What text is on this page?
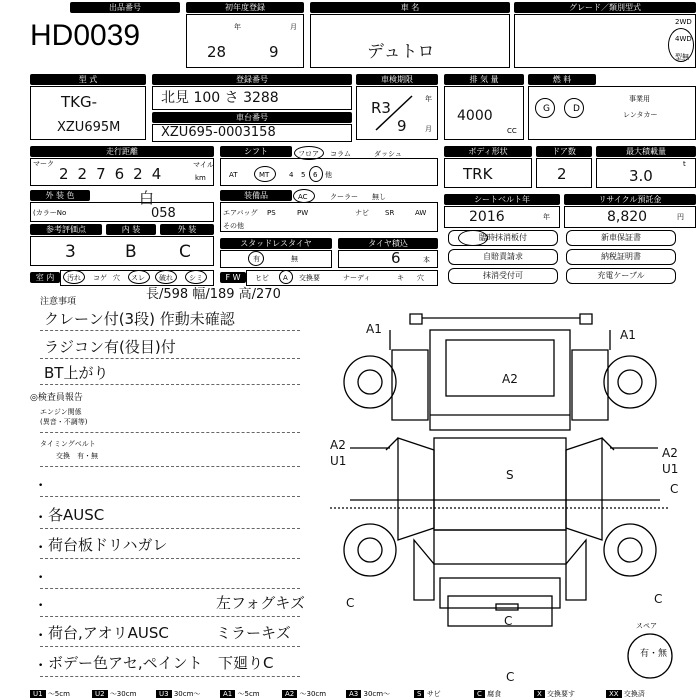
HD0039
出品番号	初年度登録
年	月
28	9
車 名
デュトロ
グレード／類別型式
2WD
4WD
型無
型 式
TKG-
XZU695M
登録番号
北見 100 さ 3288
車台番号
XZU695-0003158
車検期限
R3	年
9	月
排 気 量
4000
CC
燃 料
G	D
事業用
レンタカー
走行距離
マーク
227624	マイル
km
シフト
AT	MT	4 5 6 他
フロア コラム	ダッシュ	ボディ形状
TRK
ドア数
2
最大積載量
3.0
t
外 装 色
(カラーNo
白
058
装備品
エアバッグ PS	PW	ナビ SR	AW
その他
AC	クーラー 無し	シートベルト年
2016	年
リサイクル預託金
8,820	円
参考評価点	内 装	外 装
3	B C	スタッドレスタイヤ
有	無
タイヤ積込
6	本
臨時抹消板付
自賠責請求
抹消受付可
新車保証書
納税証明書
充電ケーブル
室 内	汚れ コゲ 穴 スレ 破れ シミ	F W	ヒビ A 交換要	ナーディ	キ 穴
長/598 幅/189 高/270
注意事項
クレーン付(3段) 作動未確認
ラジコン有(役目)付
BT上がり
◎検査員報告
エンジン関係
(異音・不調等)
タイミングベルト
交換　有・無
•
• 各AUSC
• 荷台板ドリハガレ
•
•	左フォグキズ
• 荷台,アオリAUSC	ミラーキズ
• ボデー色アセ,ペイント 下廻りC
A1	A1
A2
A2
U1
A2
U1
S
C	C
C
C
C
スペア
有・無
U1 ～5cm	U2 ～30cm	U3 30cm～	A1 ～5cm	A2 ～30cm	A3 30cm～	S サビ	C 腐食	X 交換要す	XX 交換済
